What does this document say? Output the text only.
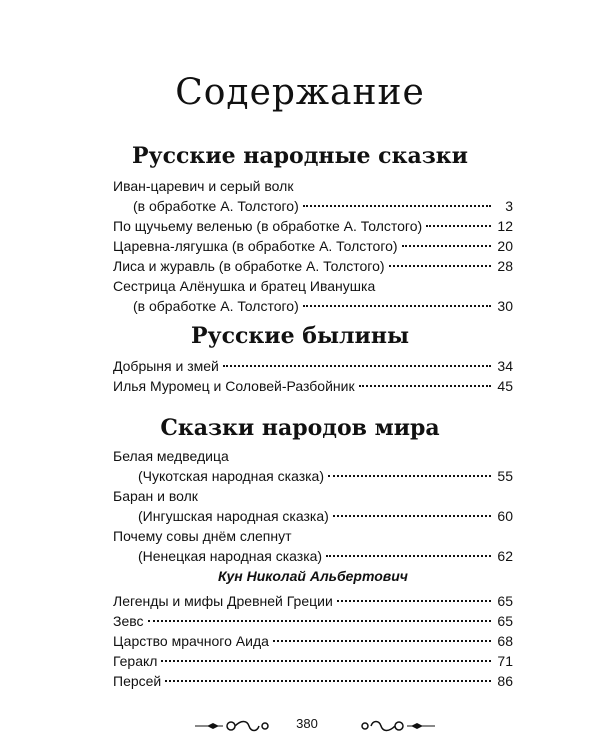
Содержание
Русские народные сказки
Иван-царевич и серый волк
(в обработке А. Толстого)	3
По щучьему веленью (в обработке А. Толстого)	12
Царевна-лягушка (в обработке А. Толстого)	20
Лиса и журавль (в обработке А. Толстого)	28
Сестрица Алёнушка и братец Иванушка
(в обработке А. Толстого)	30
Русские былины
Добрыня и змей	34
Илья Муромец и Соловей-Разбойник	45
Сказки народов мира
Белая медведица
(Чукотская народная сказка)	55
Баран и волк
(Ингушская народная сказка)	60
Почему совы днём слепнут
(Ненецкая народная сказка)	62
Кун Николай Альбертович
Легенды и мифы Древней Греции	65
Зевс	65
Царство мрачного Аида	68
Геракл	71
Персей	86
380
